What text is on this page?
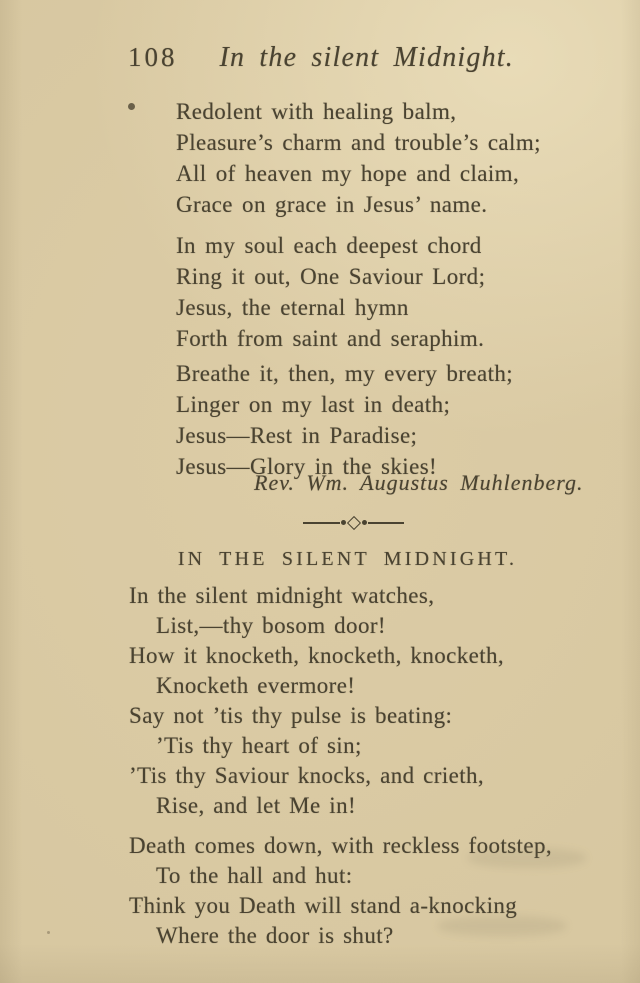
108 In the silent Midnight.
Redolent with healing balm,
Pleasure’s charm and trouble’s calm;
All of heaven my hope and claim,
Grace on grace in Jesus’ name.
In my soul each deepest chord
Ring it out, One Saviour Lord;
Jesus, the eternal hymn
Forth from saint and seraphim.
Breathe it, then, my every breath;
Linger on my last in death;
Jesus—Rest in Paradise;
Jesus—Glory in the skies!
Rev. Wm. Augustus Muhlenberg.
IN THE SILENT MIDNIGHT.
In the silent midnight watches,
List,—thy bosom door!
How it knocketh, knocketh, knocketh,
Knocketh evermore!
Say not ’tis thy pulse is beating:
’Tis thy heart of sin;
’Tis thy Saviour knocks, and crieth,
Rise, and let Me in!
Death comes down, with reckless footstep,
To the hall and hut:
Think you Death will stand a-knocking
Where the door is shut?
